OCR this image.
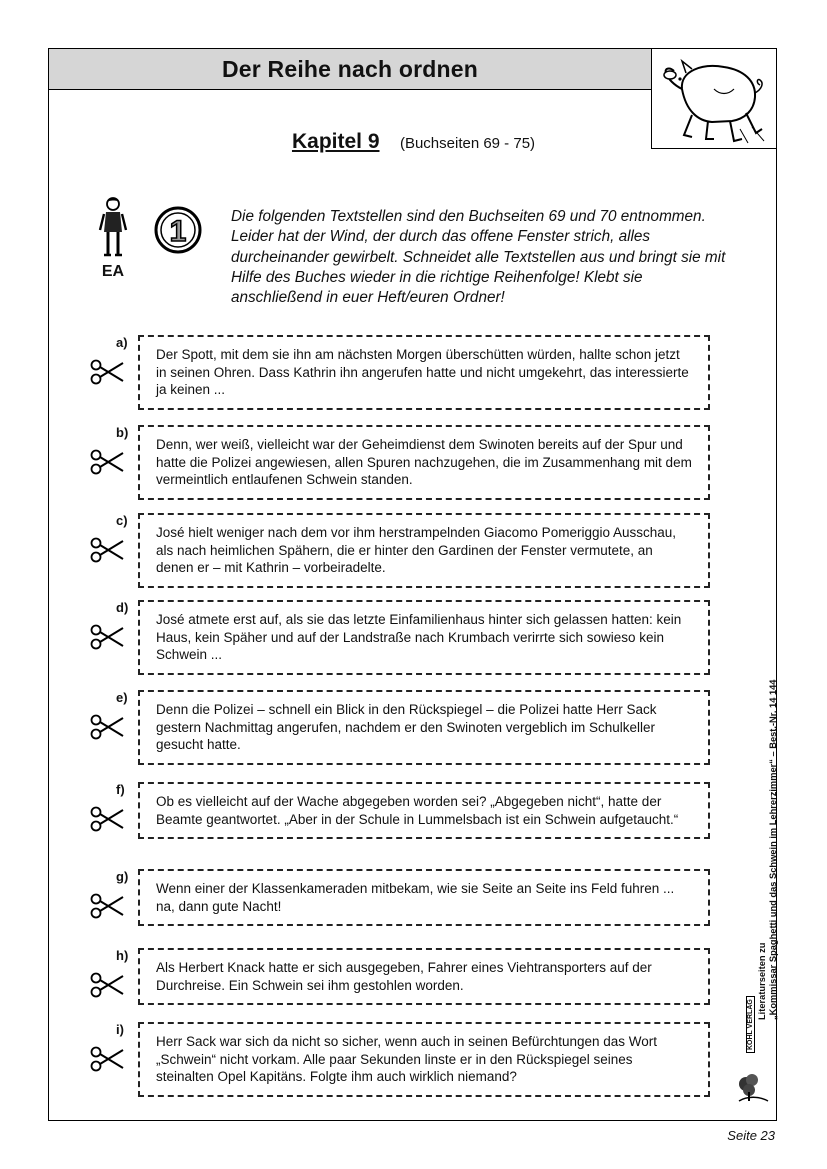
Der Reihe nach ordnen
Kapitel 9 (Buchseiten 69 - 75)
EA
1	Die folgenden Textstellen sind den Buchseiten 69 und 70 entnommen. Leider hat der Wind, der durch das offene Fenster strich, alles durcheinander gewirbelt. Schneidet alle Textstellen aus und bringt sie mit Hilfe des Buches wieder in die richtige Reihenfolge! Klebt sie anschließend in euer Heft/euren Ordner!
a)
Der Spott, mit dem sie ihn am nächsten Morgen überschütten würden, hallte schon jetzt in seinen Ohren. Dass Kathrin ihn angerufen hatte und nicht umgekehrt, das interessierte ja keinen ...
b)
Denn, wer weiß, vielleicht war der Geheimdienst dem Swinoten bereits auf der Spur und hatte die Polizei angewiesen, allen Spuren nachzugehen, die im Zusammenhang mit dem vermeintlich entlaufenen Schwein standen.
c)
José hielt weniger nach dem vor ihm herstrampelnden Giacomo Pomeriggio Ausschau, als nach heimlichen Spähern, die er hinter den Gardinen der Fenster vermutete, an denen er – mit Kathrin – vorbeiradelte.
d)
José atmete erst auf, als sie das letzte Einfamilienhaus hinter sich gelassen hatten: kein Haus, kein Späher und auf der Landstraße nach Krumbach verirrte sich sowieso kein Schwein ...
e)
Denn die Polizei – schnell ein Blick in den Rückspiegel – die Polizei hatte Herr Sack gestern Nachmittag angerufen, nachdem er den Swinoten vergeblich im Schulkeller gesucht hatte.
f)
Ob es vielleicht auf der Wache abgegeben worden sei? „Abgegeben nicht“, hatte der Beamte geantwortet. „Aber in der Schule in Lummelsbach ist ein Schwein aufgetaucht.“
g)
Wenn einer der Klassenkameraden mitbekam, wie sie Seite an Seite ins Feld fuhren ... na, dann gute Nacht!
h)
Als Herbert Knack hatte er sich ausgegeben, Fahrer eines Viehtransporters auf der Durchreise. Ein Schwein sei ihm gestohlen worden.
i)
Herr Sack war sich da nicht so sicher, wenn auch in seinen Befürchtungen das Wort „Schwein“ nicht vorkam. Alle paar Sekunden linste er in den Rückspiegel seines steinalten Opel Kapitäns. Folgte ihm auch wirklich niemand?
Literaturseiten zu „Kommissar Spaghetti und das Schwein im Lehrerzimmer“ – Best.-Nr. 14 144
KOHL VERLAG
Seite 23
